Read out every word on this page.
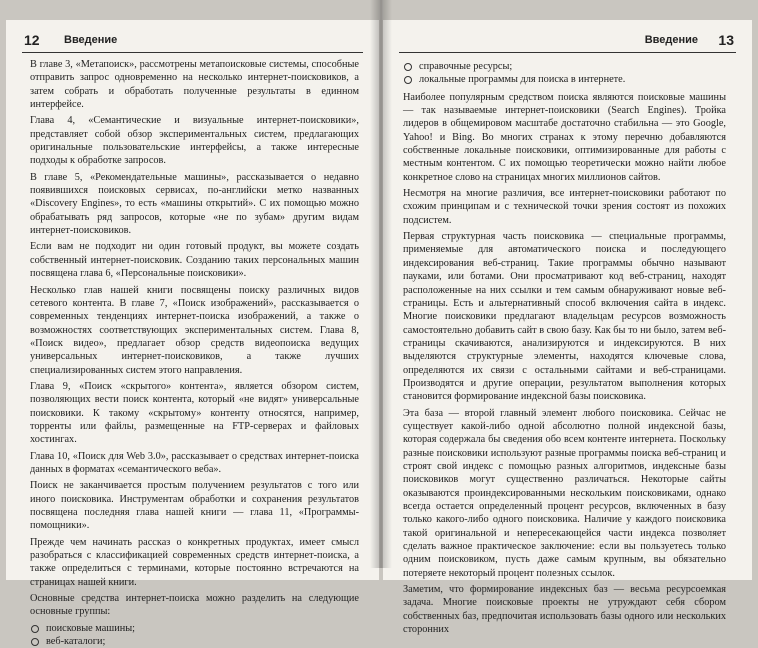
12 Введение

В главе 3, «Метапоиск», рассмотрены метапоисковые системы, способные отправить запрос одновременно на несколько интернет-поисковиков, а затем собрать и обработать полученные результаты в единном интерфейсе.

Глава 4, «Семантические и визуальные интернет-поисковики», представляет собой обзор экспериментальных систем, предлагающих оригинальные пользовательские интерфейсы, а также интересные подходы к обработке запросов.

В главе 5, «Рекомендательные машины», рассказывается о недавно появившихся поисковых сервисах, по-английски метко названных «Discovery Engines», то есть «машины открытий». С их помощью можно обрабатывать ряд запросов, которые «не по зубам» другим видам интернет-поисковиков.

Если вам не подходит ни один готовый продукт, вы можете создать собственный интернет-поисковик. Созданию таких персональных машин посвящена глава 6, «Персональные поисковики».

Несколько глав нашей книги посвящены поиску различных видов сетевого контента. В главе 7, «Поиск изображений», рассказывается о современных тенденциях интернет-поиска изображений, а также о возможностях соответствующих экспериментальных систем. Глава 8, «Поиск видео», предлагает обзор средств видеопоиска ведущих универсальных интернет-поисковиков, а также лучших специализированных систем этого направления.

Глава 9, «Поиск «скрытого» контента», является обзором систем, позволяющих вести поиск контента, который «не видят» универсальные поисковики. К такому «скрытому» контенту относятся, например, торренты или файлы, размещенные на FTP-серверах и файловых хостингах.

Глава 10, «Поиск для Web 3.0», рассказывает о средствах интернет-поиска данных в форматах «семантического веба».

Поиск не заканчивается простым получением результатов с того или иного поисковика. Инструментам обработки и сохранения результатов посвящена последняя глава нашей книги — глава 11, «Программы-помощники».

Прежде чем начинать рассказ о конкретных продуктах, имеет смысл разобраться с классификацией современных средств интернет-поиска, а также определиться с терминами, которые постоянно встречаются на страницах нашей книги.

Основные средства интернет-поиска можно разделить на следующие основные группы:

поисковые машины;
веб-каталоги;
Введение 13
справочные ресурсы;
локальные программы для поиска в интернете.

Наиболее популярным средством поиска являются поисковые машины — так называемые интернет-поисковики (Search Engines). Тройка лидеров в общемировом масштабе достаточно стабильна — это Google, Yahoo! и Bing. Во многих странах к этому перечню добавляются собственные локальные поисковики, оптимизированные для работы с местным контентом. С их помощью теоретически можно найти любое конкретное слово на страницах многих миллионов сайтов.

Несмотря на многие различия, все интернет-поисковики работают по схожим принципам и с технической точки зрения состоят из похожих подсистем.

Первая структурная часть поисковика — специальные программы, применяемые для автоматического поиска и последующего индексирования веб-страниц. Такие программы обычно называют пауками, или ботами. Они просматривают код веб-страниц, находят расположенные на них ссылки и тем самым обнаруживают новые веб-страницы. Есть и альтернативный способ включения сайта в индекс. Многие поисковики предлагают владельцам ресурсов возможность самостоятельно добавить сайт в свою базу. Как бы то ни было, затем веб-страницы скачиваются, анализируются и индексируются. В них выделяются структурные элементы, находятся ключевые слова, определяются их связи с остальными сайтами и веб-страницами. Производятся и другие операции, результатом выполнения которых становится формирование индексной базы поисковика.

Эта база — второй главный элемент любого поисковика. Сейчас не существует какой-либо одной абсолютно полной индексной базы, которая содержала бы сведения обо всем контенте интернета. Поскольку разные поисковики используют разные программы поиска веб-страниц и строят свой индекс с помощью разных алгоритмов, индексные базы поисковиков могут существенно различаться. Некоторые сайты оказываются проиндексированными нескольким поисковиками, однако всегда остается определенный процент ресурсов, включенных в базу только какого-либо одного поисковика. Наличие у каждого поисковика такой оригинальной и непересекающейся части индекса позволяет сделать важное практическое заключение: если вы пользуетесь только одним поисковиком, пусть даже самым крупным, вы обязательно потеряете некоторый процент полезных ссылок.

Заметим, что формирование индексных баз — весьма ресурсоемкая задача. Многие поисковые проекты не утруждают себя сбором собственных баз, предпочитая использовать базы одного или нескольких сторонних
